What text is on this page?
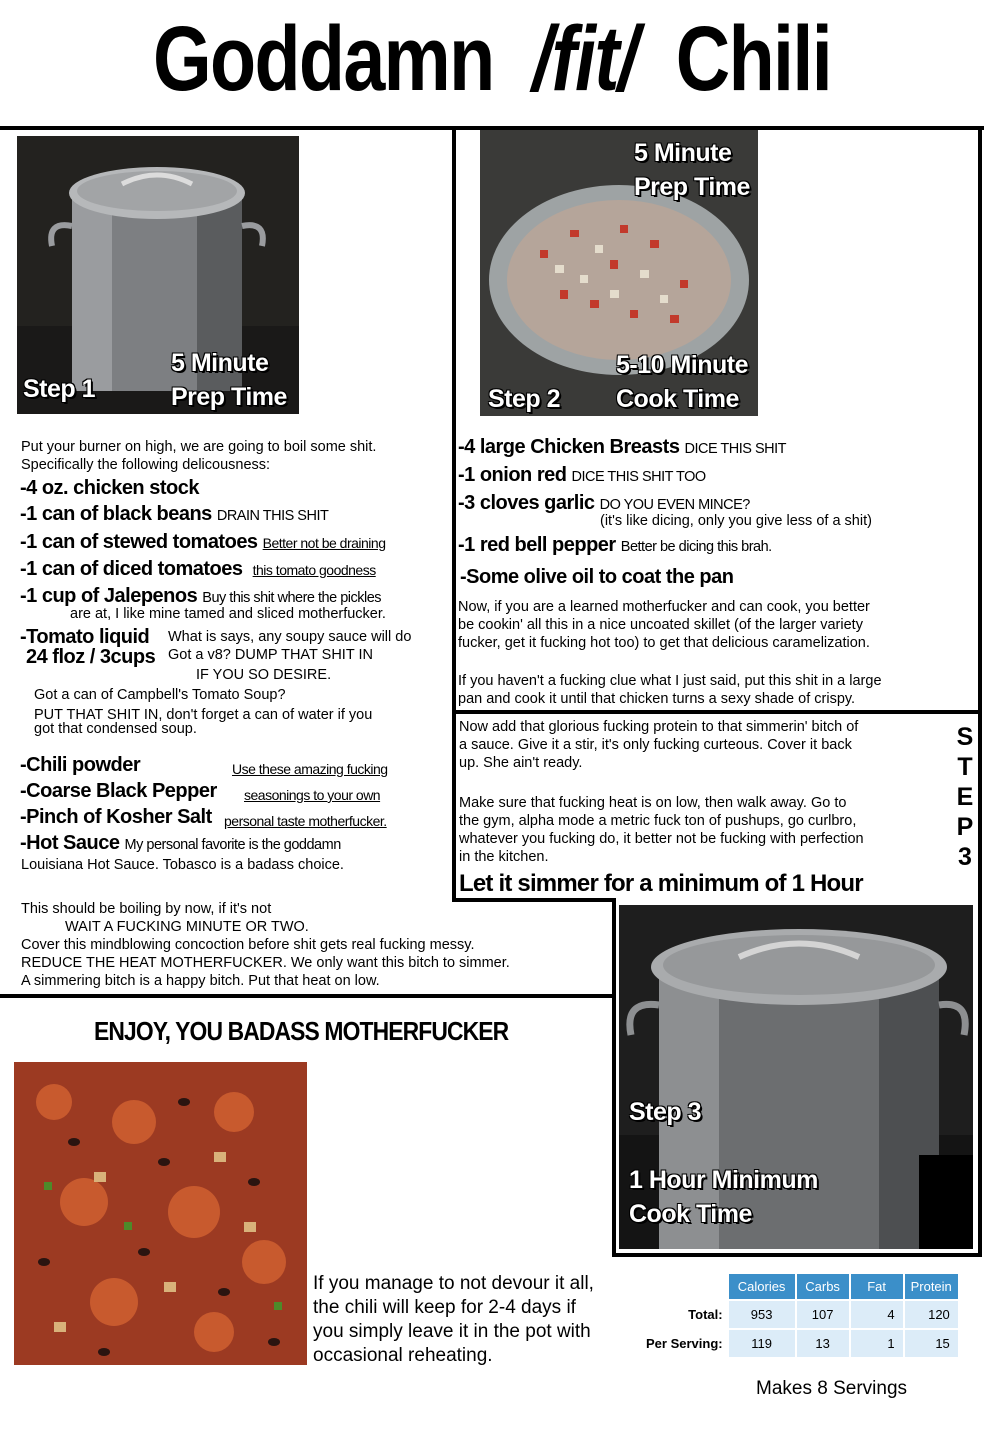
Goddamn /fit/ Chili
Step 1
5 Minute
Prep Time
5 Minute
Prep Time
Step 2
5-10 Minute
Cook Time
Put your burner on high, we are going to boil some shit.
Specifically the following delicousness:
-4 oz. chicken stock
-1 can of black beans DRAIN THIS SHIT
-1 can of stewed tomatoes Better not be draining
-1 can of diced tomatoes this tomato goodness
-1 cup of Jalepenos Buy this shit where the pickles
are at, I like mine tamed and sliced motherfucker.
-Tomato liquid
24 floz / 3cups
What is says, any soupy sauce will do
Got a v8? DUMP THAT SHIT IN
IF YOU SO DESIRE.
Got a can of Campbell's Tomato Soup?
PUT THAT SHIT IN, don't forget a can of water if you
got that condensed soup.
-Chili powder	Use these amazing fucking
-Coarse Black Pepper seasonings to your own
-Pinch of Kosher Salt personal taste motherfucker.
-Hot Sauce My personal favorite is the goddamn
Louisiana Hot Sauce. Tobasco is a badass choice.
This should be boiling by now, if it's not
WAIT A FUCKING MINUTE OR TWO.
Cover this mindblowing concoction before shit gets real fucking messy.
REDUCE THE HEAT MOTHERFUCKER. We only want this bitch to simmer.
A simmering bitch is a happy bitch. Put that heat on low.
-4 large Chicken Breasts DICE THIS SHIT
-1 onion red DICE THIS SHIT TOO
-3 cloves garlic DO YOU EVEN MINCE?
(it's like dicing, only you give less of a shit)
-1 red bell pepper Better be dicing this brah.
-Some olive oil to coat the pan
Now, if you are a learned motherfucker and can cook, you better
be cookin' all this in a nice uncoated skillet (of the larger variety
fucker, get it fucking hot too) to get that delicious caramelization.
If you haven't a fucking clue what I just said, put this shit in a large
pan and cook it until that chicken turns a sexy shade of crispy.
Now add that glorious fucking protein to that simmerin' bitch of
a sauce. Give it a stir, it's only fucking curteous. Cover it back
up. She ain't ready.
Make sure that fucking heat is on low, then walk away. Go to
the gym, alpha mode a metric fuck ton of pushups, go curlbro,
whatever you fucking do, it better not be fucking with perfection
in the kitchen.
Let it simmer for a minimum of 1 Hour
S
T
E
P
3
Step 3
1 Hour Minimum
Cook Time
ENJOY, YOU BADASS MOTHERFUCKER
If you manage to not devour it all,
the chili will keep for 2-4 days if
you simply leave it in the pot with
occasional reheating.
	Calories	Carbs	Fat	Protein
Total:	953	107	4	120
Per Serving:	119	13	1	15
Makes 8 Servings
